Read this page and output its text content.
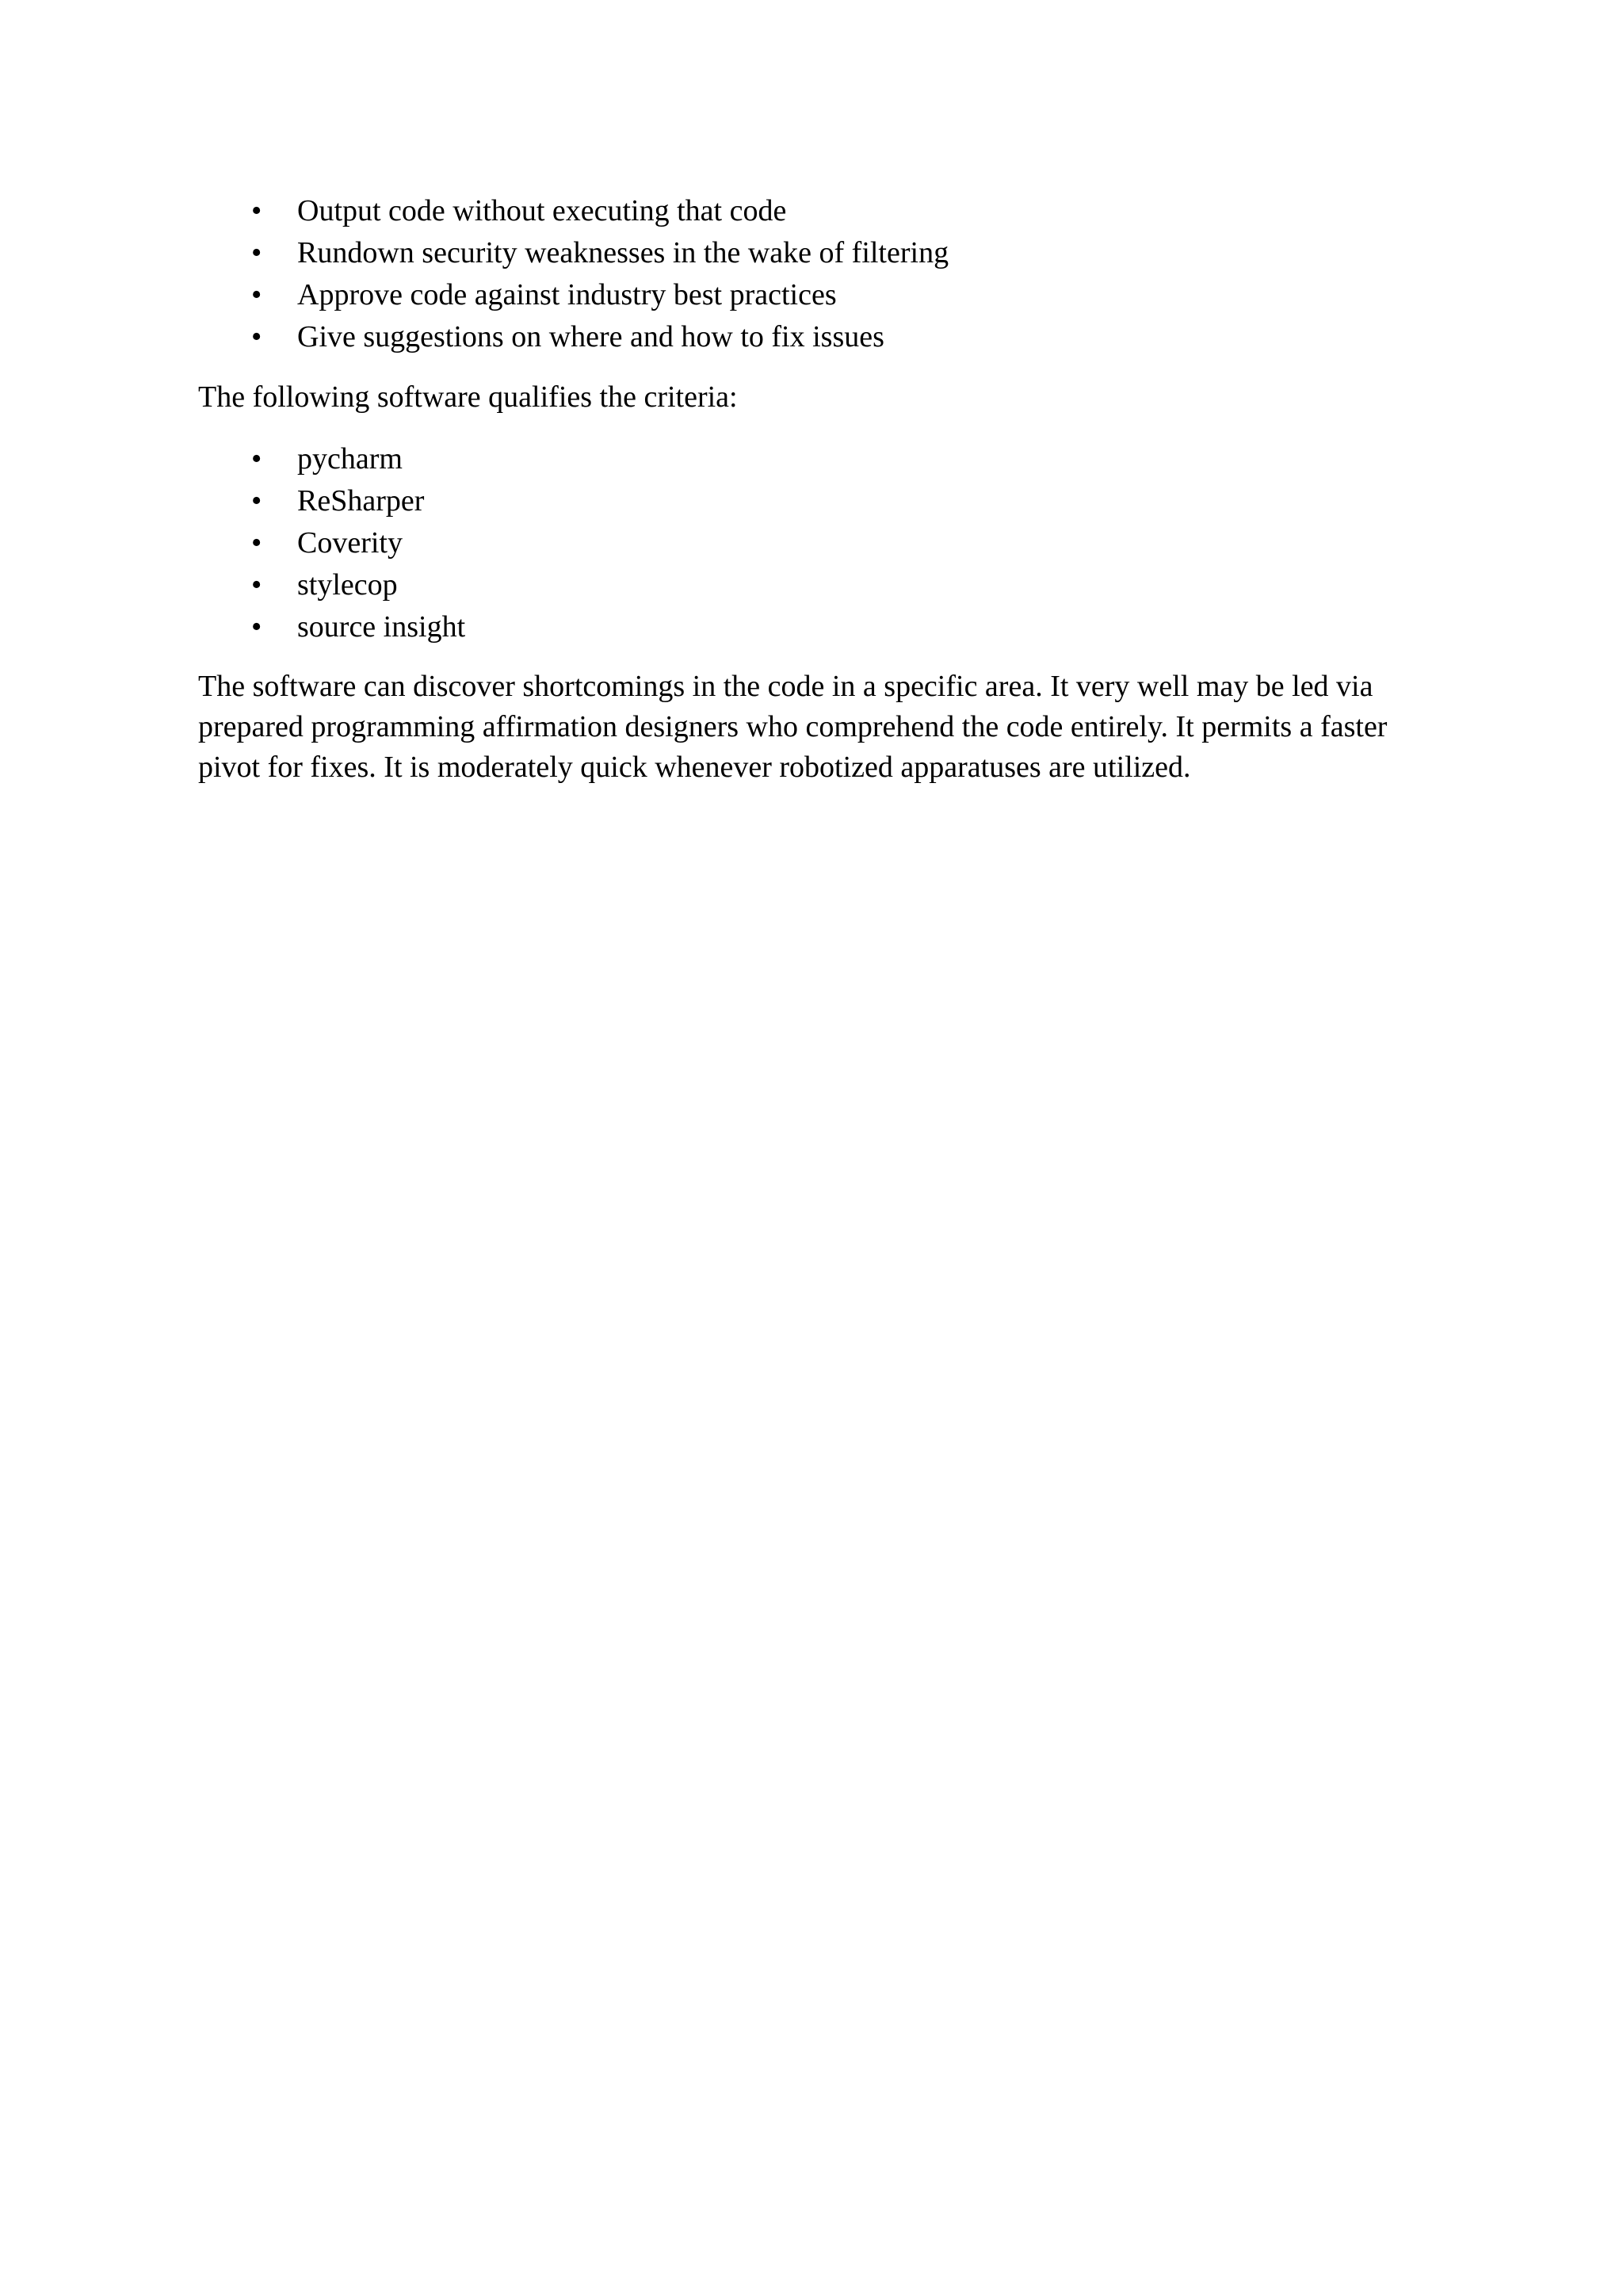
• Output code without executing that code
• Rundown security weaknesses in the wake of filtering
• Approve code against industry best practices
• Give suggestions on where and how to fix issues

The following software qualifies the criteria:

• pycharm
• ReSharper
• Coverity
• stylecop
• source insight

The software can discover shortcomings in the code in a specific area. It very well may be led via prepared programming affirmation designers who comprehend the code entirely. It permits a faster pivot for fixes. It is moderately quick whenever robotized apparatuses are utilized.
